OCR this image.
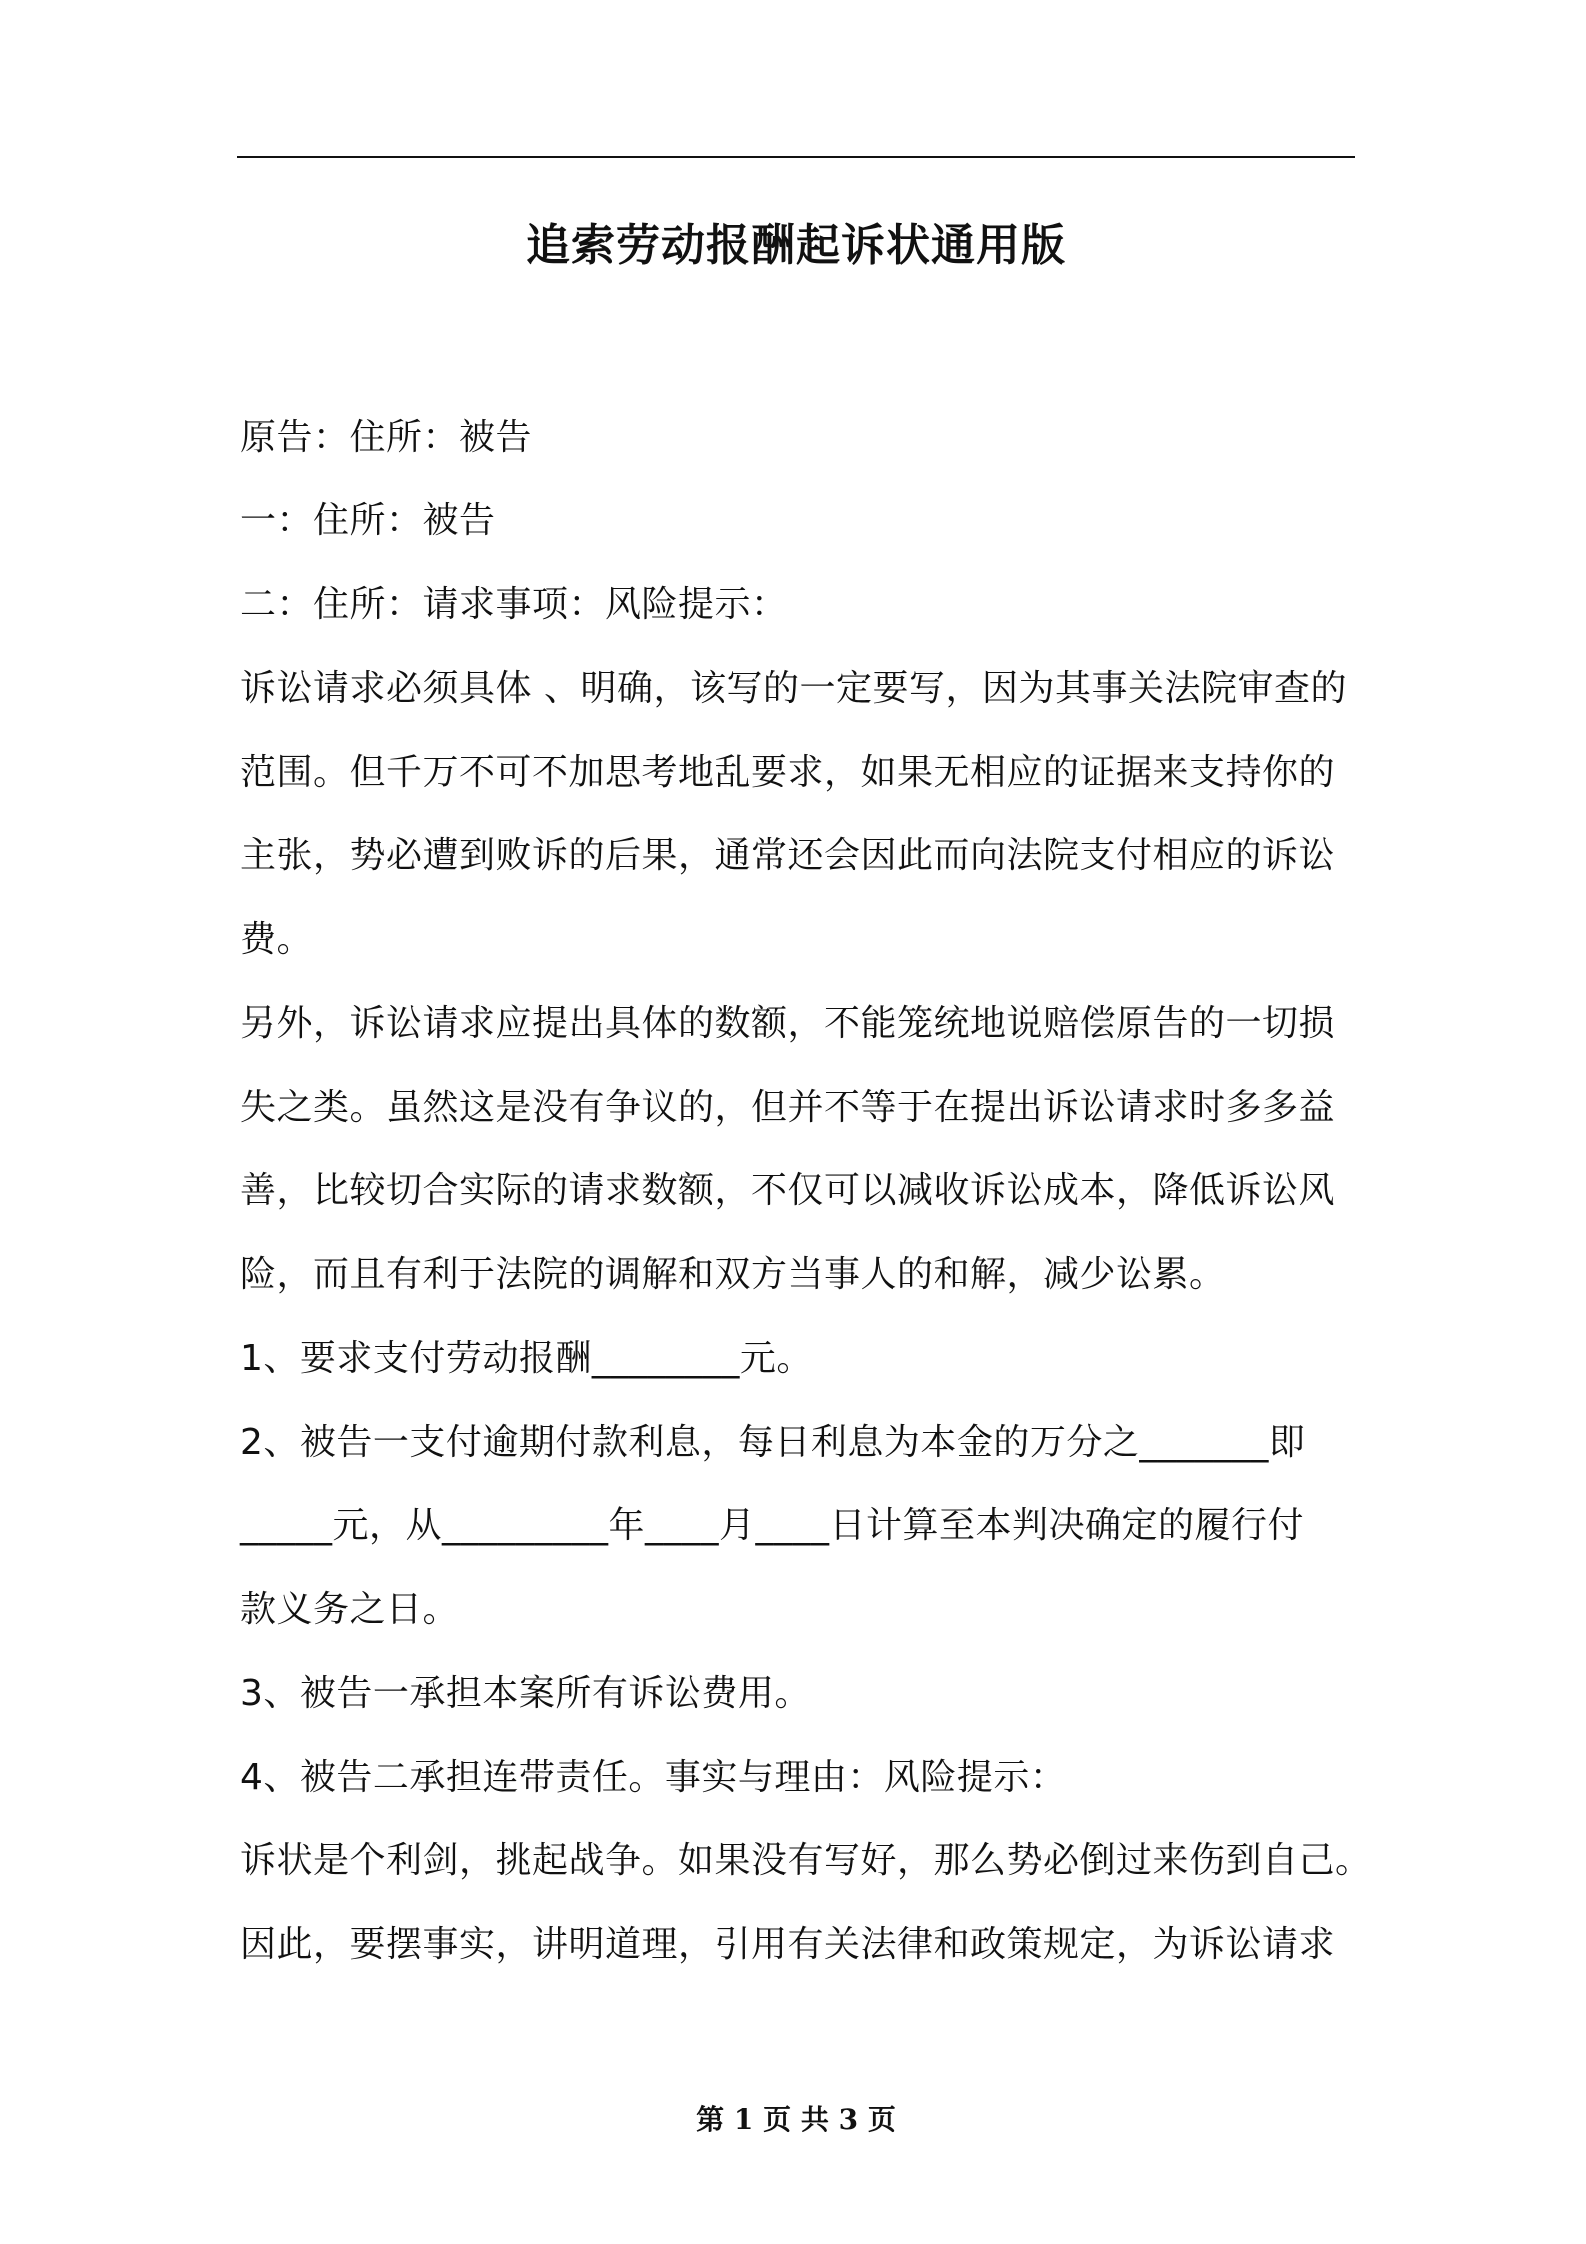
追索劳动报酬起诉状通用版
原告：住所：被告
一：住所：被告
二：住所：请求事项：风险提示：
诉讼请求必须具体 、明确，该写的一定要写，因为其事关法院审查的
范围。但千万不可不加思考地乱要求，如果无相应的证据来支持你的
主张，势必遭到败诉的后果，通常还会因此而向法院支付相应的诉讼
费。
另外，诉讼请求应提出具体的数额，不能笼统地说赔偿原告的一切损
失之类。虽然这是没有争议的，但并不等于在提出诉讼请求时多多益
善，比较切合实际的请求数额，不仅可以减收诉讼成本，降低诉讼风
险，而且有利于法院的调解和双方当事人的和解，减少讼累。
1、要求支付劳动报酬________元。
2、被告一支付逾期付款利息，每日利息为本金的万分之_______即
_____元，从_________年____月____日计算至本判决确定的履行付
款义务之日。
3、被告一承担本案所有诉讼费用。
4、被告二承担连带责任。事实与理由：风险提示：
诉状是个利剑，挑起战争。如果没有写好，那么势必倒过来伤到自己。
因此，要摆事实，讲明道理，引用有关法律和政策规定，为诉讼请求
第 1 页 共 3 页
